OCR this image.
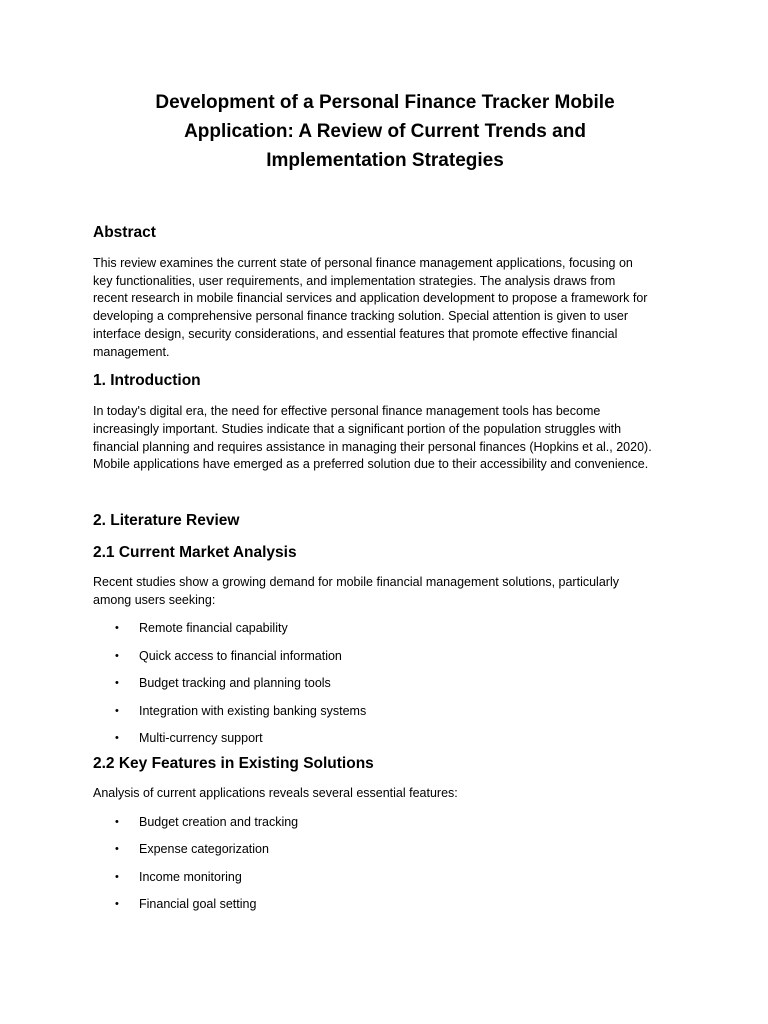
Development of a Personal Finance Tracker Mobile
Application: A Review of Current Trends and
Implementation Strategies
Abstract

This review examines the current state of personal finance management applications, focusing on
key functionalities, user requirements, and implementation strategies. The analysis draws from
recent research in mobile financial services and application development to propose a framework for
developing a comprehensive personal finance tracking solution. Special attention is given to user
interface design, security considerations, and essential features that promote effective financial
management.

1. Introduction

In today's digital era, the need for effective personal finance management tools has become
increasingly important. Studies indicate that a significant portion of the population struggles with
financial planning and requires assistance in managing their personal finances (Hopkins et al., 2020).
Mobile applications have emerged as a preferred solution due to their accessibility and convenience.

2. Literature Review
2.1 Current Market Analysis

Recent studies show a growing demand for mobile financial management solutions, particularly
among users seeking:

• Remote financial capability
• Quick access to financial information
• Budget tracking and planning tools
• Integration with existing banking systems
• Multi-currency support
2.2 Key Features in Existing Solutions

Analysis of current applications reveals several essential features:

• Budget creation and tracking
• Expense categorization
• Income monitoring
• Financial goal setting
